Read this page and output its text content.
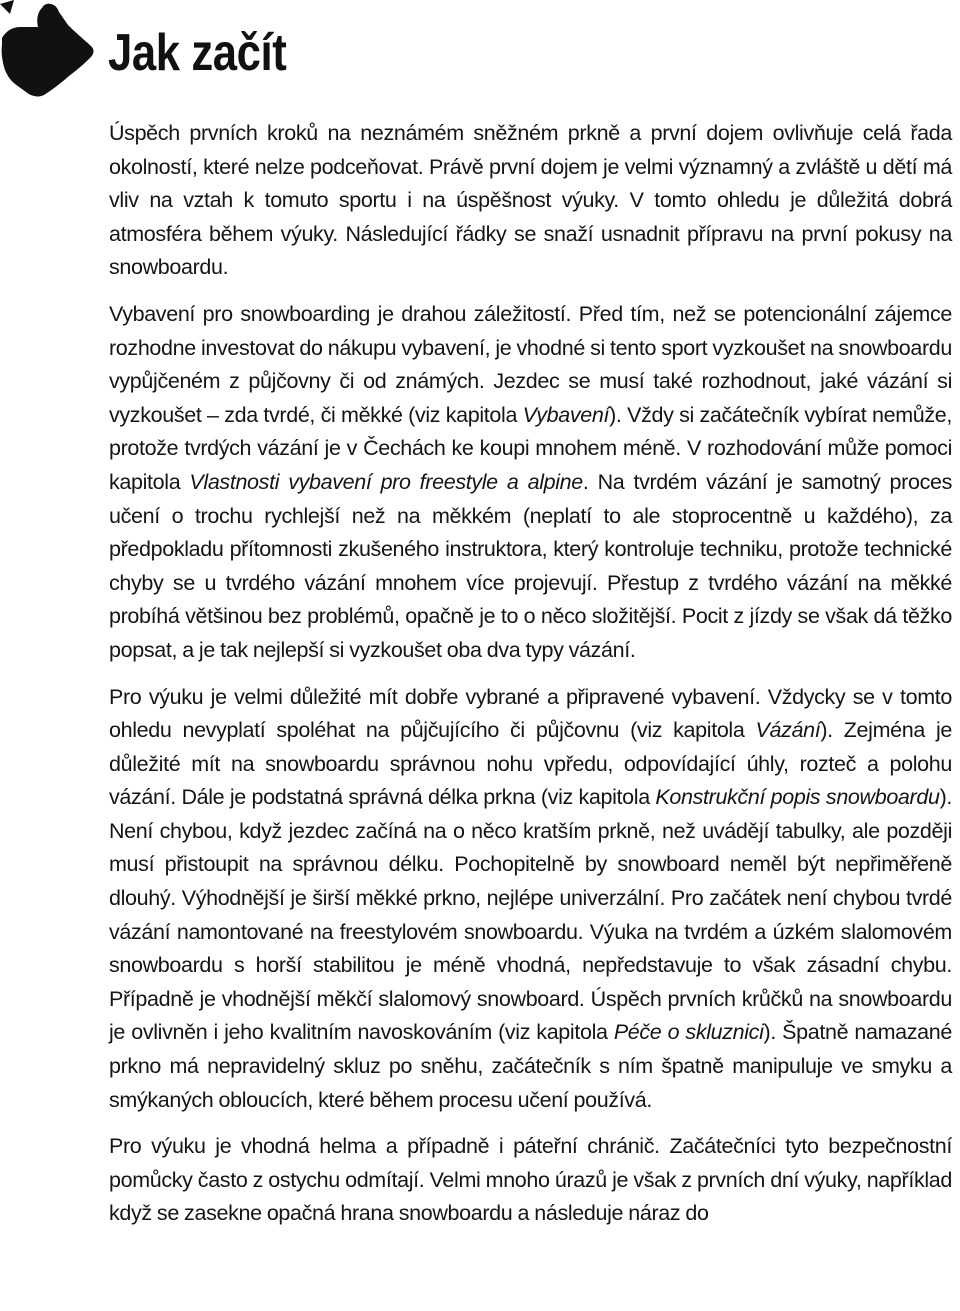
Jak začít

Úspěch prvních kroků na neznámém sněžném prkně a první dojem ovlivňuje celá řada okolností, které nelze podceňovat. Právě první dojem je velmi významný a zvláště u dětí má vliv na vztah k tomuto sportu i na úspěšnost výuky. V tomto ohledu je důležitá dobrá atmosféra během výuky. Následující řádky se snaží usnadnit přípravu na první pokusy na snowboardu.

Vybavení pro snowboarding je drahou záležitostí. Před tím, než se potencionální zájemce rozhodne investovat do nákupu vybavení, je vhodné si tento sport vyzkoušet na snowboardu vypůjčeném z půjčovny či od známých. Jezdec se musí také rozhodnout, jaké vázání si vyzkoušet – zda tvrdé, či měkké (viz kapitola Vybavení). Vždy si začátečník vybírat nemůže, protože tvrdých vázání je v Čechách ke koupi mnohem méně. V rozhodování může pomoci kapitola Vlastnosti vybavení pro freestyle a alpine. Na tvrdém vázání je samotný proces učení o trochu rychlejší než na měkkém (neplatí to ale stoprocentně u každého), za předpokladu přítomnosti zkušeného instruktora, který kontroluje techniku, protože technické chyby se u tvrdého vázání mnohem více projevují. Přestup z tvrdého vázání na měkké probíhá většinou bez problémů, opačně je to o něco složitější. Pocit z jízdy se však dá těžko popsat, a je tak nejlepší si vyzkoušet oba dva typy vázání.

Pro výuku je velmi důležité mít dobře vybrané a připravené vybavení. Vždycky se v tomto ohledu nevyplatí spoléhat na půjčujícího či půjčovnu (viz kapitola Vázání). Zejména je důležité mít na snowboardu správnou nohu vpředu, odpovídající úhly, rozteč a polohu vázání. Dále je podstatná správná délka prkna (viz kapitola Konstrukční popis snowboardu). Není chybou, když jezdec začíná na o něco kratším prkně, než uvádějí tabulky, ale později musí přistoupit na správnou délku. Pochopitelně by snowboard neměl být nepřiměřeně dlouhý. Výhodnější je širší měkké prkno, nejlépe univerzální. Pro začátek není chybou tvrdé vázání namontované na freestylovém snowboardu. Výuka na tvrdém a úzkém slalomovém snowboardu s horší stabilitou je méně vhodná, nepředstavuje to však zásadní chybu. Případně je vhodnější měkčí slalomový snowboard. Úspěch prvních krůčků na snowboardu je ovlivněn i jeho kvalitním navoskováním (viz kapitola Péče o skluznici). Špatně namazané prkno má nepravidelný skluz po sněhu, začátečník s ním špatně manipuluje ve smyku a smýkaných obloucích, které během procesu učení používá.

Pro výuku je vhodná helma a případně i páteřní chránič. Začátečníci tyto bezpečnostní pomůcky často z ostychu odmítají. Velmi mnoho úrazů je však z prvních dní výuky, například když se zasekne opačná hrana snowboardu a následuje náraz do
